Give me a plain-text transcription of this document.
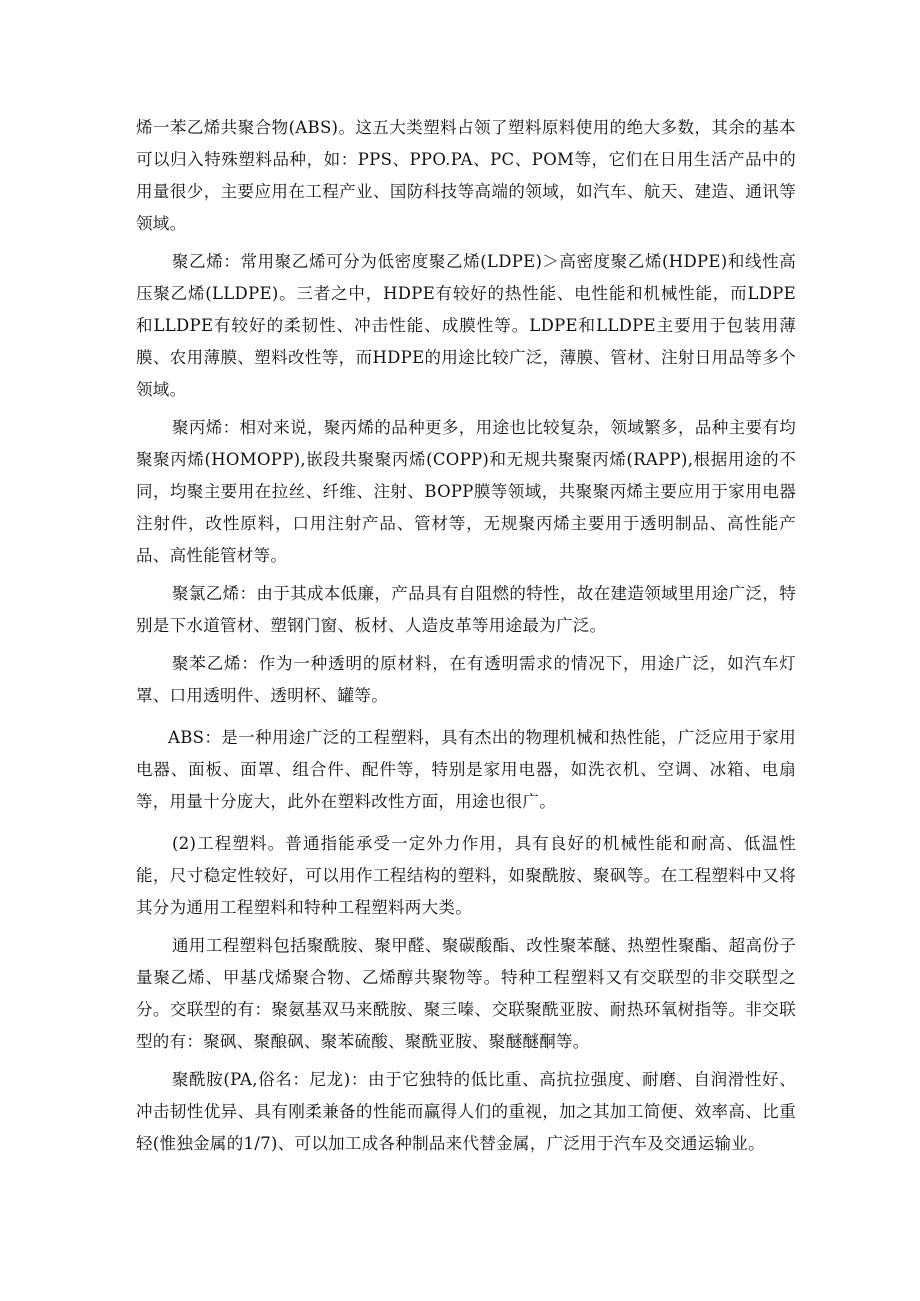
烯一苯乙烯共聚合物(ABS)。这五大类塑料占领了塑料原料使用的绝大多数，其余的基本可以归入特殊塑料品种，如：PPS、PPO.PA、PC、POM等，它们在日用生活产品中的用量很少，主要应用在工程产业、国防科技等高端的领域，如汽车、航天、建造、通讯等领域。

聚乙烯：常用聚乙烯可分为低密度聚乙烯(LDPE)＞高密度聚乙烯(HDPE)和线性高压聚乙烯(LLDPE)。三者之中，HDPE有较好的热性能、电性能和机械性能，而LDPE和LLDPE有较好的柔韧性、冲击性能、成膜性等。LDPE和LLDPE主要用于包装用薄膜、农用薄膜、塑料改性等，而HDPE的用途比较广泛，薄膜、管材、注射日用品等多个领域。

聚丙烯：相对来说，聚丙烯的品种更多，用途也比较复杂，领域繁多，品种主要有均聚聚丙烯(HOMOPP),嵌段共聚聚丙烯(COPP)和无规共聚聚丙烯(RAPP),根据用途的不同，均聚主要用在拉丝、纤维、注射、BOPP膜等领域，共聚聚丙烯主要应用于家用电器注射件，改性原料，口用注射产品、管材等，无规聚丙烯主要用于透明制品、高性能产品、高性能管材等。

聚氯乙烯：由于其成本低廉，产品具有自阻燃的特性，故在建造领域里用途广泛，特别是下水道管材、塑钢门窗、板材、人造皮革等用途最为广泛。

聚苯乙烯：作为一种透明的原材料，在有透明需求的情况下，用途广泛，如汽车灯罩、口用透明件、透明杯、罐等。

ABS：是一种用途广泛的工程塑料，具有杰出的物理机械和热性能，广泛应用于家用电器、面板、面罩、组合件、配件等，特别是家用电器，如洗衣机、空调、冰箱、电扇等，用量十分庞大，此外在塑料改性方面，用途也很广。

(2)工程塑料。普通指能承受一定外力作用，具有良好的机械性能和耐高、低温性能，尺寸稳定性较好，可以用作工程结构的塑料，如聚酰胺、聚砜等。在工程塑料中又将其分为通用工程塑料和特种工程塑料两大类。

通用工程塑料包括聚酰胺、聚甲醛、聚碳酸酯、改性聚苯醚、热塑性聚酯、超高份子量聚乙烯、甲基戊烯聚合物、乙烯醇共聚物等。特种工程塑料又有交联型的非交联型之分。交联型的有：聚氨基双马来酰胺、聚三嗪、交联聚酰亚胺、耐热环氧树指等。非交联型的有：聚砜、聚酿砜、聚苯硫酸、聚酰亚胺、聚醚醚酮等。

聚酰胺(PA,俗名：尼龙)：由于它独特的低比重、高抗拉强度、耐磨、自润滑性好、冲击韧性优异、具有刚柔兼备的性能而赢得人们的重视，加之其加工简便、效率高、比重轻(惟独金属的1/7)、可以加工成各种制品来代替金属，广泛用于汽车及交通运输业。
